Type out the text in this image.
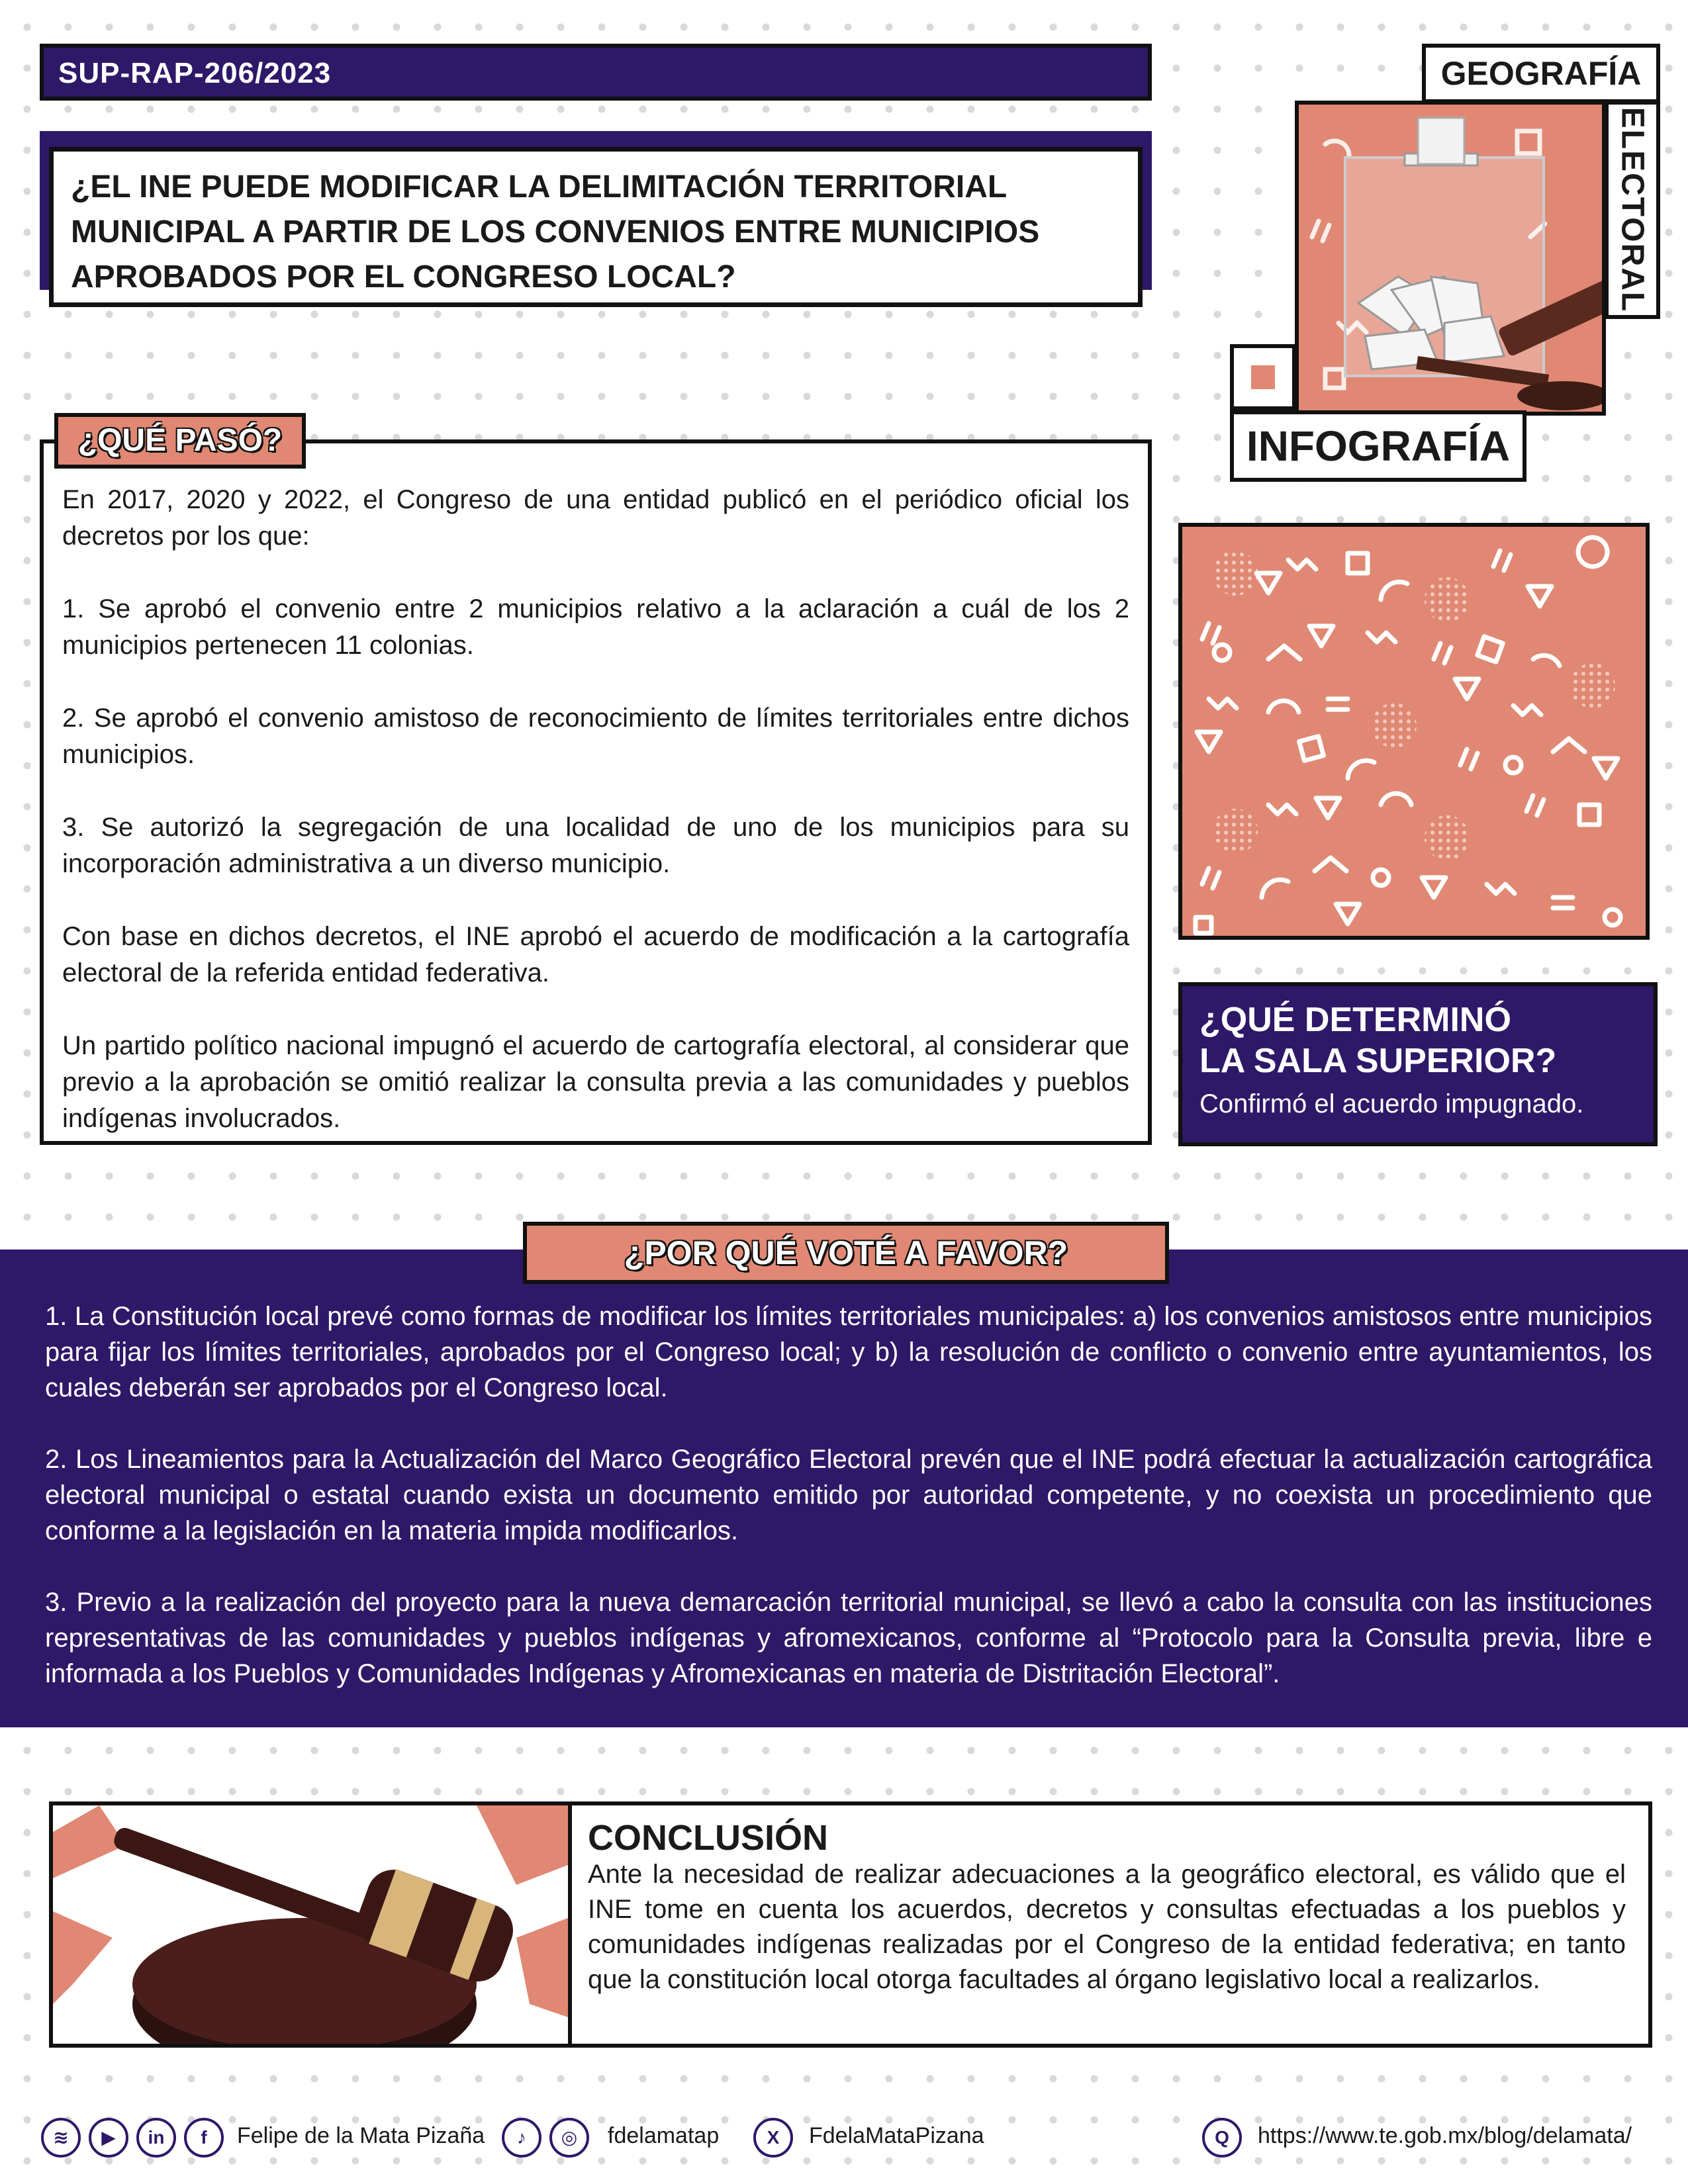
SUP-RAP-206/2023
¿EL INE PUEDE MODIFICAR LA DELIMITACIÓN TERRITORIAL MUNICIPAL A PARTIR DE LOS CONVENIOS ENTRE MUNICIPIOS APROBADOS POR EL CONGRESO LOCAL?
GEOGRAFÍA
ELECTORAL
INFOGRAFÍA

En 2017, 2020 y 2022, el Congreso de una entidad publicó en el periódico oficial los decretos por los que:

1. Se aprobó el convenio entre 2 municipios relativo a la aclaración a cuál de los 2 municipios pertenecen 11 colonias.

2. Se aprobó el convenio amistoso de reconocimiento de límites territoriales entre dichos municipios.

3. Se autorizó la segregación de una localidad de uno de los municipios para su incorporación administrativa a un diverso municipio.

Con base en dichos decretos, el INE aprobó el acuerdo de modificación a la cartografía electoral de la referida entidad federativa.

Un partido político nacional impugnó el acuerdo de cartografía electoral, al considerar que previo a la aprobación se omitió realizar la consulta previa a las comunidades y pueblos indígenas involucrados.

¿QUÉ PASÓ?
¿QUÉ DETERMINÓ
LA SALA SUPERIOR?
Confirmó el acuerdo impugnado.

1. La Constitución local prevé como formas de modificar los límites territoriales municipales: a) los convenios amistosos entre municipios para fijar los límites territoriales, aprobados por el Congreso local; y b) la resolución de conflicto o convenio entre ayuntamientos, los cuales deberán ser aprobados por el Congreso local.

2. Los Lineamientos para la Actualización del Marco Geográfico Electoral prevén que el INE podrá efectuar la actualización cartográfica electoral municipal o estatal cuando exista un documento emitido por autoridad competente, y no coexista un procedimiento que conforme a la legislación en la materia impida modificarlos.

3. Previo a la realización del proyecto para la nueva demarcación territorial municipal, se llevó a cabo la consulta con las instituciones representativas de las comunidades y pueblos indígenas y afromexicanos, conforme al “Protocolo para la Consulta previa, libre e informada a los Pueblos y Comunidades Indígenas y Afromexicanas en materia de Distritación Electoral”.

¿POR QUÉ VOTÉ A FAVOR?
CONCLUSIÓN
Ante la necesidad de realizar adecuaciones a la geográfico electoral, es válido que el INE tome en cuenta los acuerdos, decretos y consultas efectuadas a los pueblos y comunidades indígenas realizadas por el Congreso de la entidad federativa; en tanto que la constitución local otorga facultades al órgano legislativo local a realizarlos.
≋	▶	in	f	Felipe de la Mata Pizaña	♪	◎	fdelamatap	X	FdelaMataPizana	Q	https://www.te.gob.mx/blog/delamata/
